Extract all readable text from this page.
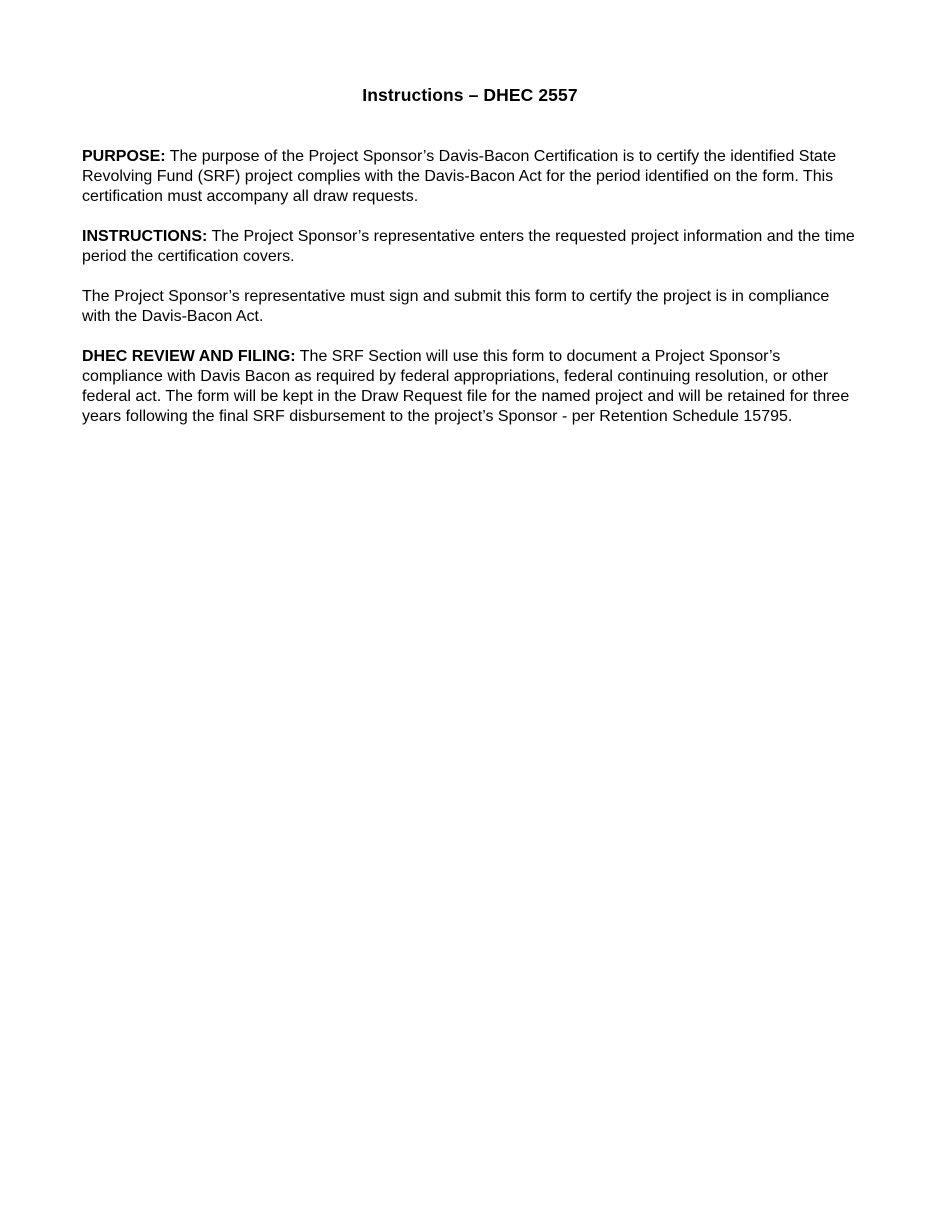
Instructions – DHEC 2557

PURPOSE: The purpose of the Project Sponsor’s Davis-Bacon Certification is to certify the identified State Revolving Fund (SRF) project complies with the Davis-Bacon Act for the period identified on the form. This certification must accompany all draw requests.

INSTRUCTIONS: The Project Sponsor’s representative enters the requested project information and the time period the certification covers.

The Project Sponsor’s representative must sign and submit this form to certify the project is in compliance with the Davis-Bacon Act.

DHEC REVIEW AND FILING: The SRF Section will use this form to document a Project Sponsor’s compliance with Davis Bacon as required by federal appropriations, federal continuing resolution, or other federal act. The form will be kept in the Draw Request file for the named project and will be retained for three years following the final SRF disbursement to the project’s Sponsor - per Retention Schedule 15795.
